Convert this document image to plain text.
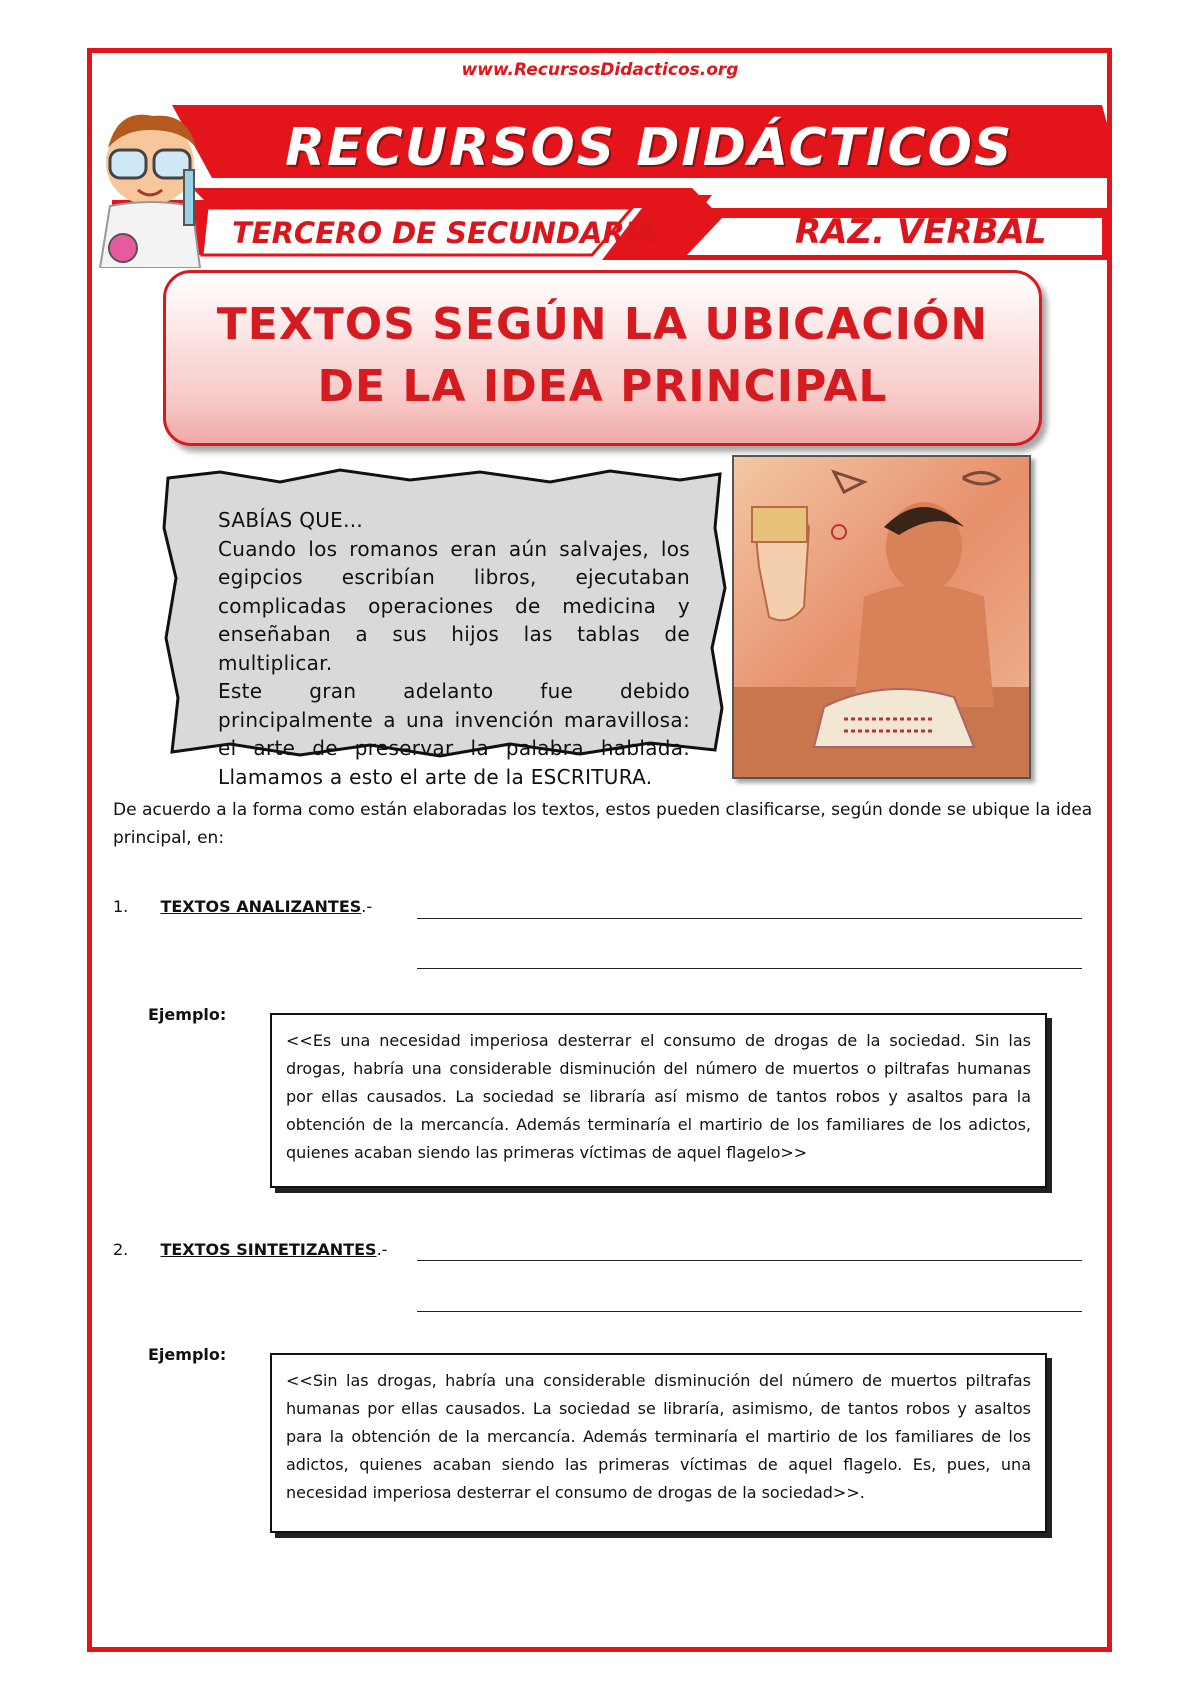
www.RecursosDidacticos.org
RECURSOS DIDÁCTICOS
TERCERO DE SECUNDARIA	RAZ. VERBAL
TEXTOS SEGÚN LA UBICACIÓN
DE LA IDEA PRINCIPAL
SABÍAS QUE...
Cuando los romanos eran aún salvajes, los egipcios escribían libros, ejecutaban complicadas operaciones de medicina y enseñaban a sus hijos las tablas de multiplicar.
Este gran adelanto fue debido principalmente a una invención maravillosa: el arte de preservar la palabra hablada. Llamamos a esto el arte de la ESCRITURA.
De acuerdo a la forma como están elaboradas los textos, estos pueden clasificarse, según donde se ubique la idea principal, en:
1. TEXTOS ANALIZANTES.-
Ejemplo:
<<Es una necesidad imperiosa desterrar el consumo de drogas de la sociedad. Sin las drogas, habría una considerable disminución del número de muertos o piltrafas humanas por ellas causados. La sociedad se libraría así mismo de tantos robos y asaltos para la obtención de la mercancía. Además terminaría el martirio de los familiares de los adictos, quienes acaban siendo las primeras víctimas de aquel flagelo>>
2. TEXTOS SINTETIZANTES.-
Ejemplo:
<<Sin las drogas, habría una considerable disminución del número de muertos piltrafas humanas por ellas causados. La sociedad se libraría, asimismo, de tantos robos y asaltos para la obtención de la mercancía. Además terminaría el martirio de los familiares de los adictos, quienes acaban siendo las primeras víctimas de aquel flagelo. Es, pues, una necesidad imperiosa desterrar el consumo de drogas de la sociedad>>.
